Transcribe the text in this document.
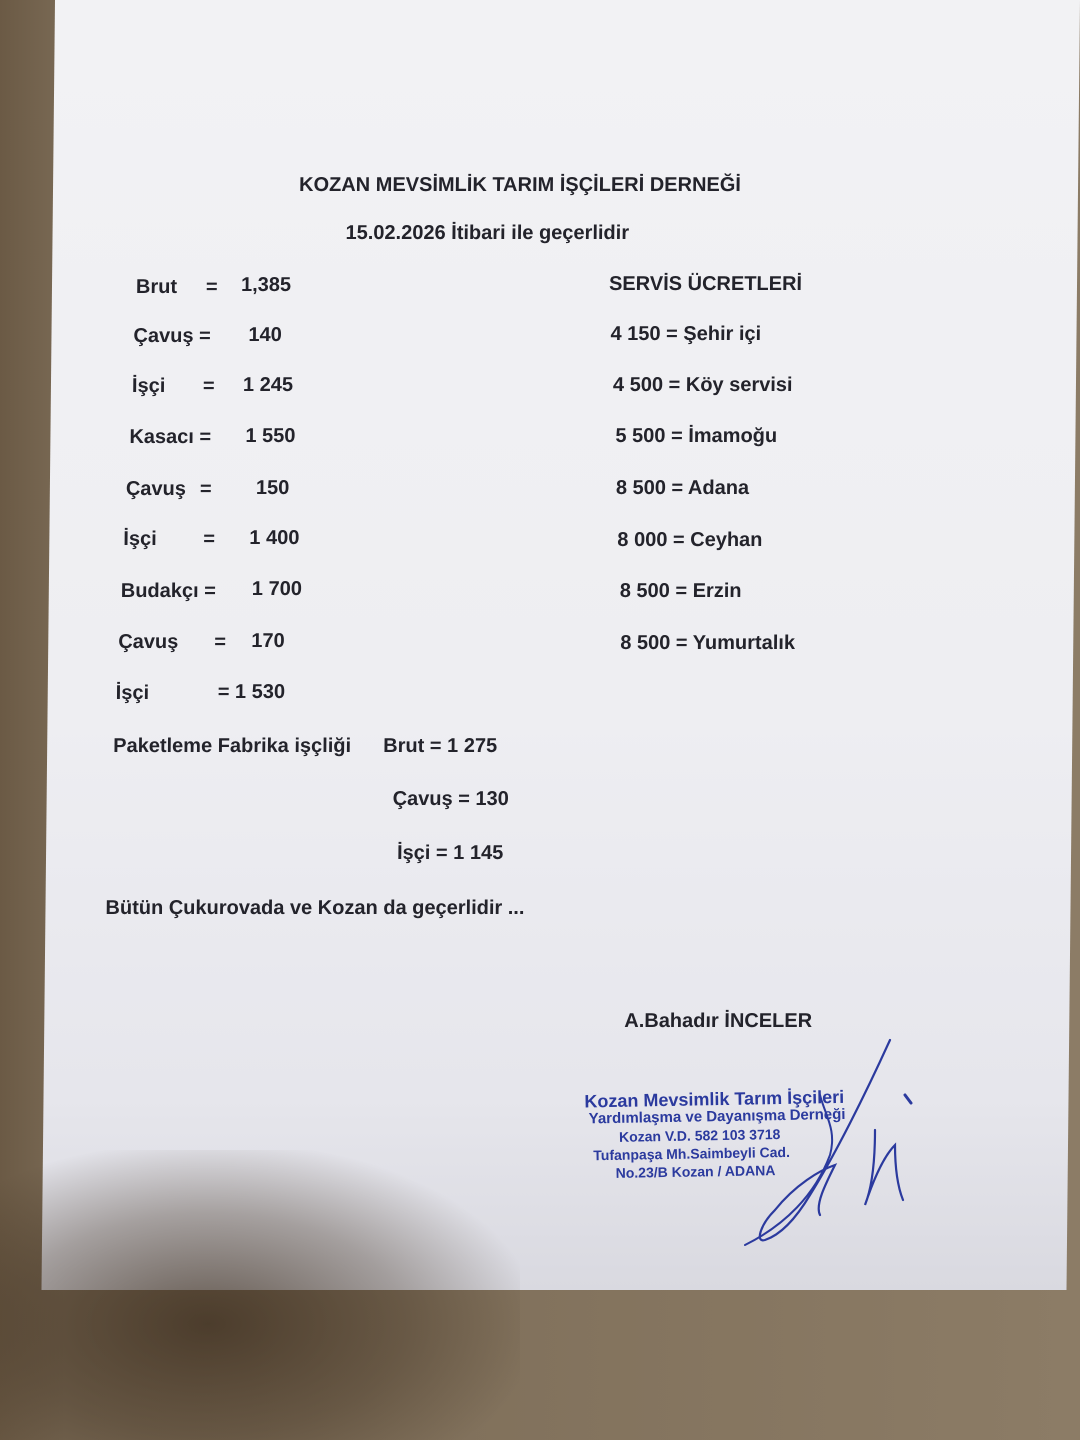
KOZAN MEVSİMLİK TARIM İŞÇİLERİ DERNEĞİ
15.02.2026 İtibari ile geçerlidir
Brut = 1,385
Çavuş = 140
İşçi = 1 245
Kasacı = 1 550
Çavuş = 150
İşçi = 1 400
Budakçı = 1 700
Çavuş = 170
İşçi	= 1 530
SERVİS ÜCRETLERİ
4 150 = Şehir içi
4 500 = Köy servisi
5 500 = İmamoğu
8 500 = Adana
8 000 = Ceyhan
8 500 = Erzin
8 500 = Yumurtalık
Paketleme Fabrika işçliği Brut = 1 275
Çavuş = 130
İşçi = 1 145
Bütün Çukurovada ve Kozan da geçerlidir ...
A.Bahadır İNCELER
Kozan Mevsimlik Tarım İşçileri
Yardımlaşma ve Dayanışma Derneği
Kozan V.D. 582 103 3718
Tufanpaşa Mh.Saimbeyli Cad.
No.23/B Kozan / ADANA
